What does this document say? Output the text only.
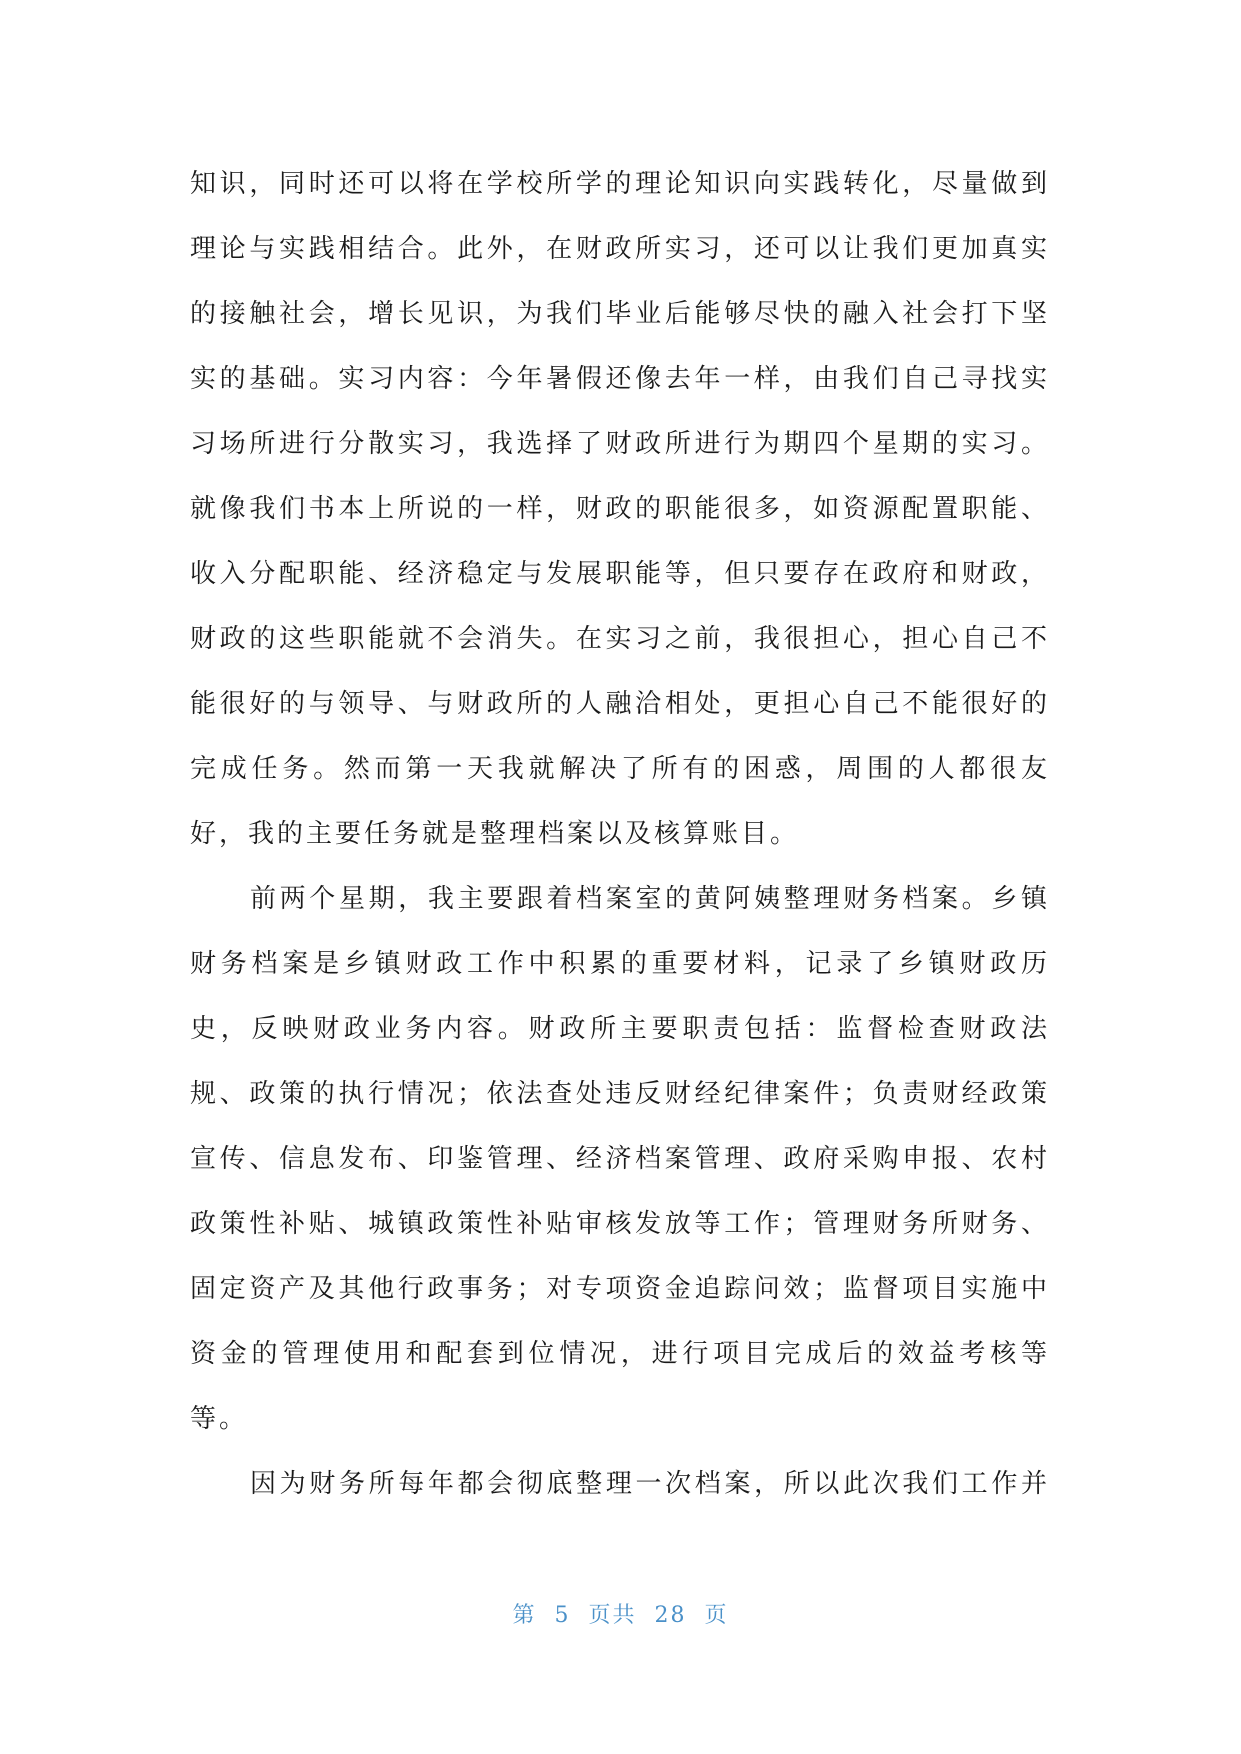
知识，同时还可以将在学校所学的理论知识向实践转化，尽量做到
理论与实践相结合。此外，在财政所实习，还可以让我们更加真实
的接触社会，增长见识，为我们毕业后能够尽快的融入社会打下坚
实的基础。实习内容：今年暑假还像去年一样，由我们自己寻找实
习场所进行分散实习，我选择了财政所进行为期四个星期的实习。
就像我们书本上所说的一样，财政的职能很多，如资源配置职能、
收入分配职能、经济稳定与发展职能等，但只要存在政府和财政，
财政的这些职能就不会消失。在实习之前，我很担心，担心自己不
能很好的与领导、与财政所的人融洽相处，更担心自己不能很好的
完成任务。然而第一天我就解决了所有的困惑，周围的人都很友
好，我的主要任务就是整理档案以及核算账目。

前两个星期，我主要跟着档案室的黄阿姨整理财务档案。乡镇
财务档案是乡镇财政工作中积累的重要材料，记录了乡镇财政历
史，反映财政业务内容。财政所主要职责包括：监督检查财政法
规、政策的执行情况；依法查处违反财经纪律案件；负责财经政策
宣传、信息发布、印鉴管理、经济档案管理、政府采购申报、农村
政策性补贴、城镇政策性补贴审核发放等工作；管理财务所财务、
固定资产及其他行政事务；对专项资金追踪问效；监督项目实施中
资金的管理使用和配套到位情况，进行项目完成后的效益考核等
等。

因为财务所每年都会彻底整理一次档案，所以此次我们工作并

第 5 页共 28 页
